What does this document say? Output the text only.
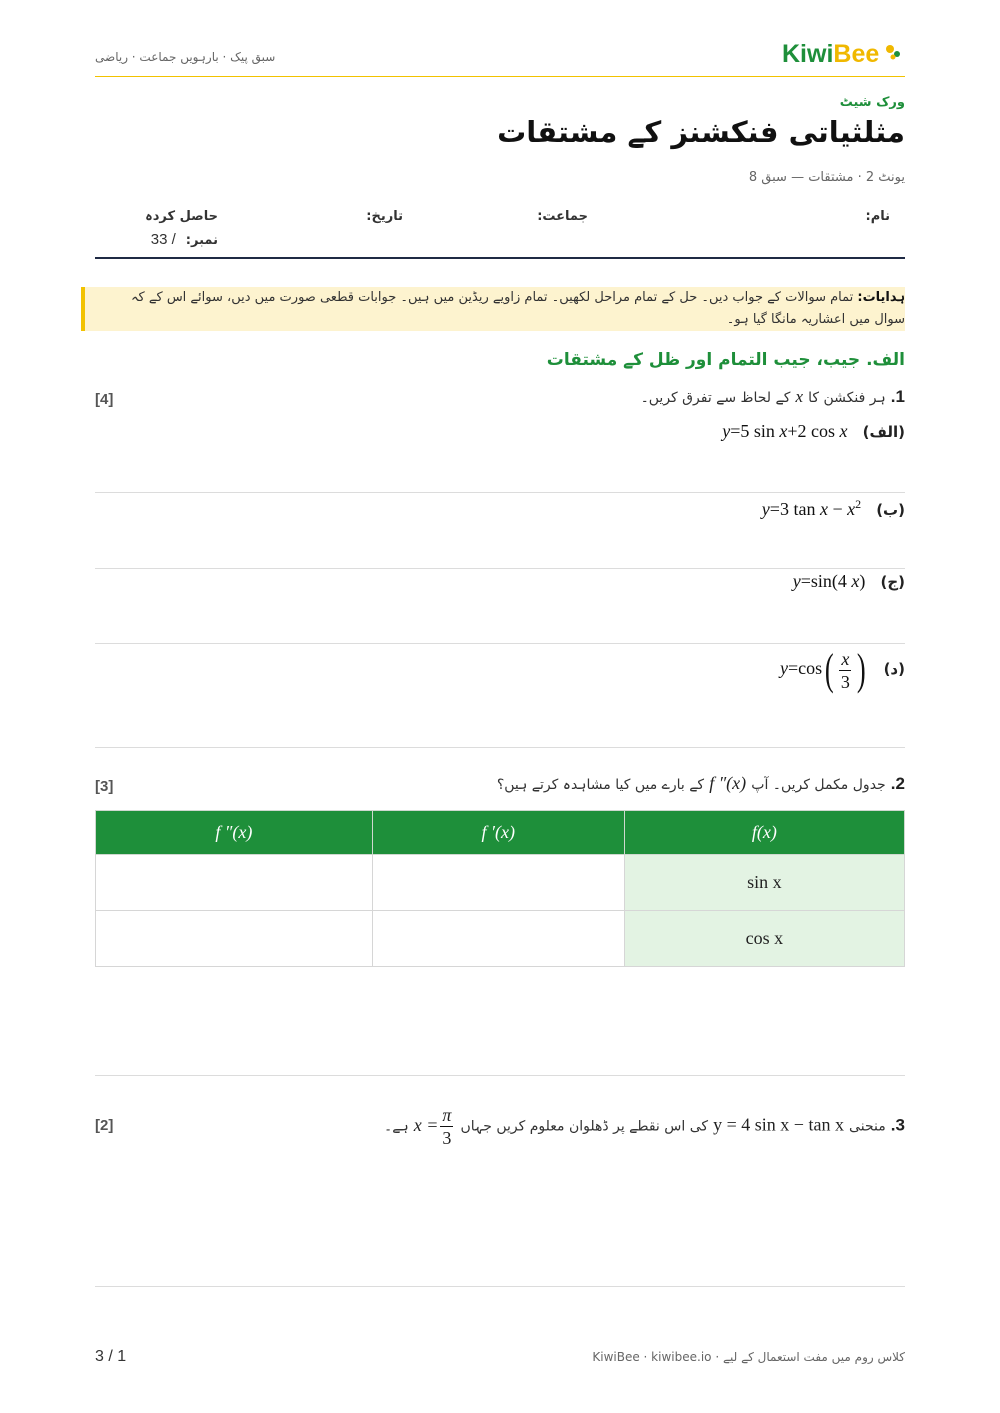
سبق پیک · بارہویں جماعت · ریاضی	KiwiBee
ورک شیٹ
مثلثیاتی فنکشنز کے مشتقات
یونٹ 2 · مشتقات — سبق 8
نام:
جماعت:
تاریخ:
حاصل کردہ
نمبر:33 /
ہدایات: تمام سوالات کے جواب دیں۔ حل کے تمام مراحل لکھیں۔ تمام زاویے ریڈین میں ہیں۔ جوابات قطعی صورت میں دیں، سوائے اس کے کہ سوال میں اعشاریہ مانگا گیا ہو۔
الف. جیب، جیب التمام اور ظل کے مشتقات
1. ہر فنکشن کا x کے لحاظ سے تفرق کریں۔
[4]
(الف) y=5 sin x+2 cos x
(ب) y=3 $\tan x - x^2$
(ج) y=sin(4 x)
(د) $y=\cos( \frac{x}{3}$ )
2. جدول مکمل کریں۔ آپ f ″(x) کے بارے میں کیا مشاہدہ کرتے ہیں؟
[3]
f(x)	f ′(x)	f ″(x)
sin x		
cos x		
3. منحنی y = 4 sin x − tan x کی اس نقطے پر ڈھلوان معلوم کریں جہاں $x = \frac{\pi}{3}$
ہے۔
[2]
3 / 1	کلاس روم میں مفت استعمال کے لیے · KiwiBee · kiwibee.io
